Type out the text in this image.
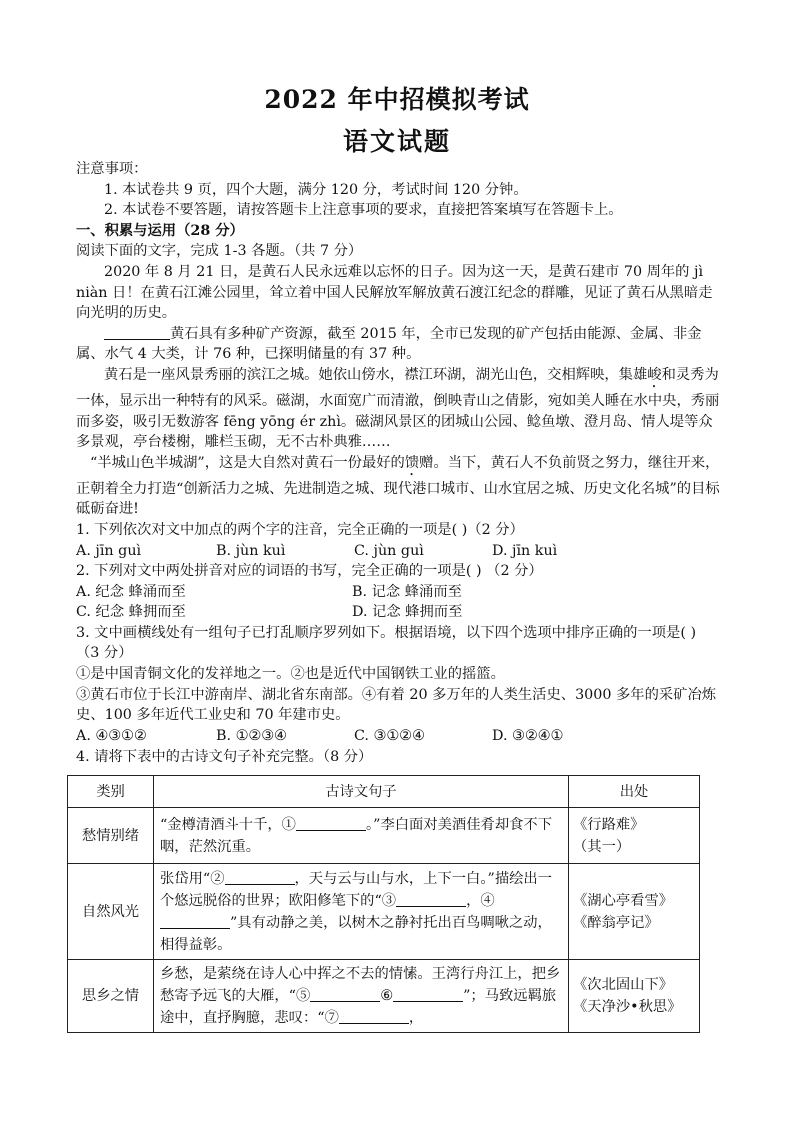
2022 年中招模拟考试
语文试题

注意事项：

1. 本试卷共 9 页，四个大题，满分 120 分，考试时间 120 分钟。

2. 本试卷不要答题，请按答题卡上注意事项的要求，直接把答案填写在答题卡上。

一、积累与运用（28 分）

阅读下面的文字，完成 1-3 各题。（共 7 分）

2020 年 8 月 21 日，是黄石人民永远难以忘怀的日子。因为这一天，是黄石建市 70 周年的 jì niàn 日！在黄石江滩公园里，耸立着中国人民解放军解放黄石渡江纪念的群雕，见证了黄石从黑暗走向光明的历史。

黄石具有多种矿产资源，截至 2015 年，全市已发现的矿产包括由能源、金属、非金属、水气 4 大类，计 76 种，已探明储量的有 37 种。

黄石是一座风景秀丽的滨江之城。她依山傍水，襟江环湖，湖光山色，交相辉映，集雄峻和灵秀为一体，显示出一种特有的风采。磁湖，水面宽广而清澈，倒映青山之倩影，宛如美人睡在水中央，秀丽而多姿，吸引无数游客 fēng yōng ér zhì。磁湖风景区的团城山公园、鲶鱼墩、澄月岛、情人堤等众多景观，亭台楼榭，雕栏玉砌，无不古朴典雅……

“半城山色半城湖”，这是大自然对黄石一份最好的馈赠。当下，黄石人不负前贤之努力，继往开来，正朝着全力打造“创新活力之城、先进制造之城、现代港口城市、山水宜居之城、历史文化名城”的目标砥砺奋进!

1. 下列依次对文中加点的两个字的注音，完全正确的一项是( )（2 分）

A. jīn guì	B. jùn kuì	C. jùn guì	D. jīn kuì

2. 下列对文中两处拼音对应的词语的书写，完全正确的一项是( ) （2 分）

A. 纪念 蜂涌而至	B. 记念 蜂涌而至
C. 纪念 蜂拥而至	D. 记念 蜂拥而至

3. 文中画横线处有一组句子已打乱顺序罗列如下。根据语境，以下四个选项中排序正确的一项是( ) （3 分）

①是中国青铜文化的发祥地之一。②也是近代中国钢铁工业的摇篮。

③黄石市位于长江中游南岸、湖北省东南部。④有着 20 多万年的人类生活史、3000 多年的采矿冶炼史、100 多年近代工业史和 70 年建市史。

A. ④③①②	B. ①②③④	C. ③①②④	D. ③②④①

4. 请将下表中的古诗文句子补充完整。（8 分）

类别	古诗文句子	出处
愁情别绪	“金樽清酒斗十千，① 。”李白面对美酒佳肴却食不下咽，茫然沉重。	《行路难》
（其一）

自然风光	张岱用“② ，天与云与山与水，上下一白。”描绘出一个悠远脱俗的世界；欧阳修笔下的“③ ，④”具有动静之美，以树木之静衬托出百鸟啁啾之动，相得益彰。	《湖心亭看雪》
《醉翁亭记》

思乡之情	乡愁，是萦绕在诗人心中挥之不去的情愫。王湾行舟江上，把乡愁寄予远飞的大雁，“⑤ ⑥ ”；马致远羁旅途中，直抒胸臆，悲叹：“⑦ ，	《次北固山下》
《天净沙•秋思》
